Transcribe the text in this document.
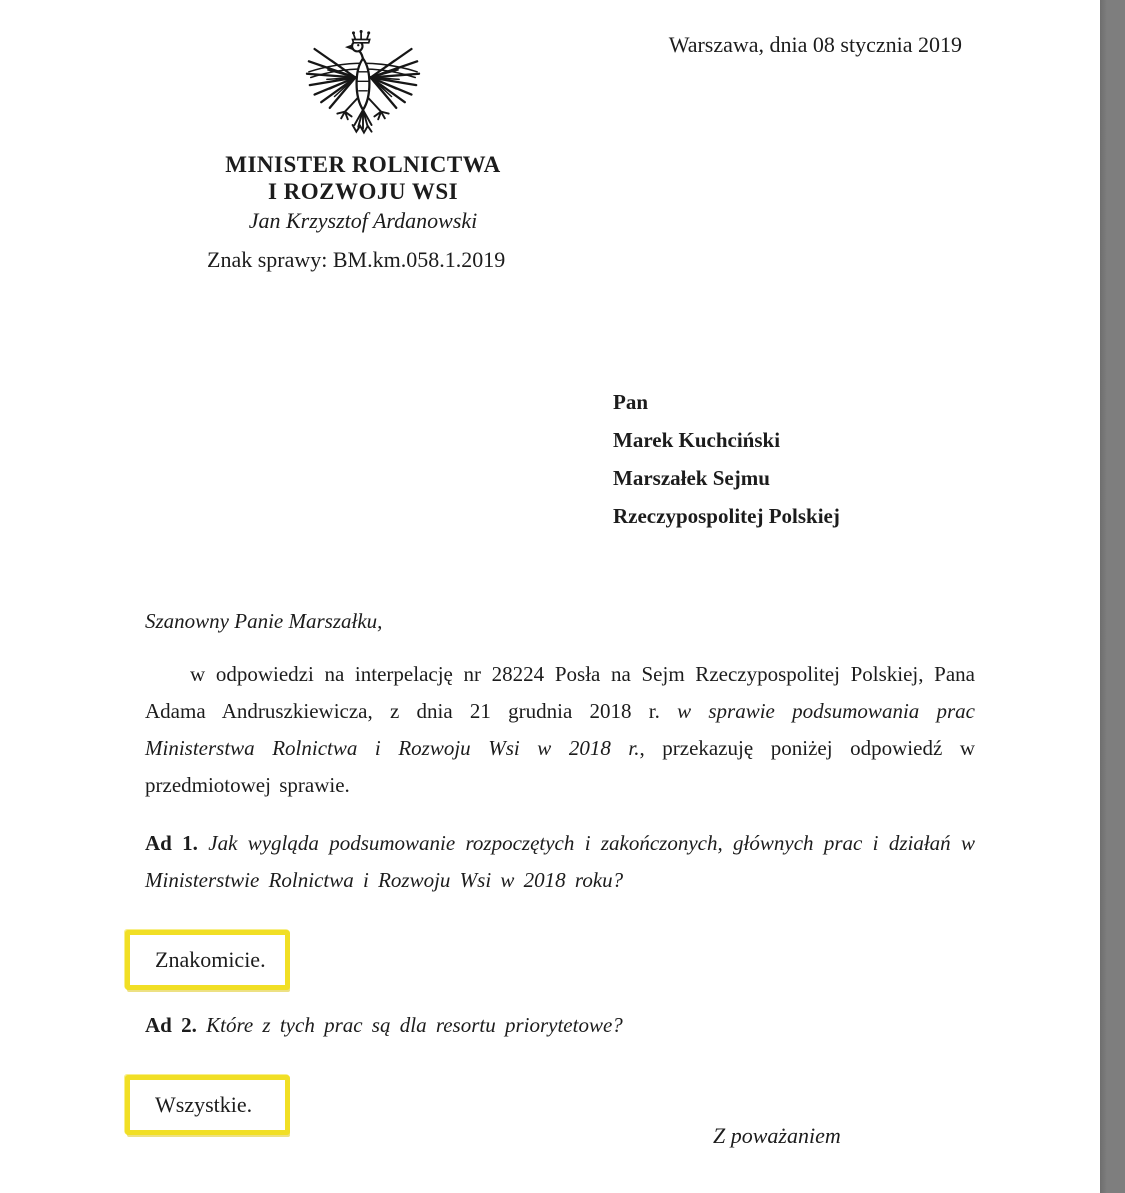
Warszawa, dnia 08 stycznia 2019
MINISTER ROLNICTWA
I ROZWOJU WSI
Jan Krzysztof Ardanowski
Znak sprawy: BM.km.058.1.2019
Pan
Marek Kuchciński
Marszałek Sejmu
Rzeczypospolitej Polskiej
Szanowny Panie Marszałku,

w odpowiedzi na interpelację nr 28224 Posła na Sejm Rzeczypospolitej Polskiej, Pana Adama Andruszkiewicza, z dnia 21 grudnia 2018 r. w sprawie podsumowania prac Ministerstwa Rolnictwa i Rozwoju Wsi w 2018 r., przekazuję poniżej odpowiedź w przedmiotowej sprawie.

Ad 1. Jak wygląda podsumowanie rozpoczętych i zakończonych, głównych prac i działań w Ministerstwie Rolnictwa i Rozwoju Wsi w 2018 roku?

Znakomicie.

Ad 2. Które z tych prac są dla resortu priorytetowe?

Wszystkie.
Z poważaniem
